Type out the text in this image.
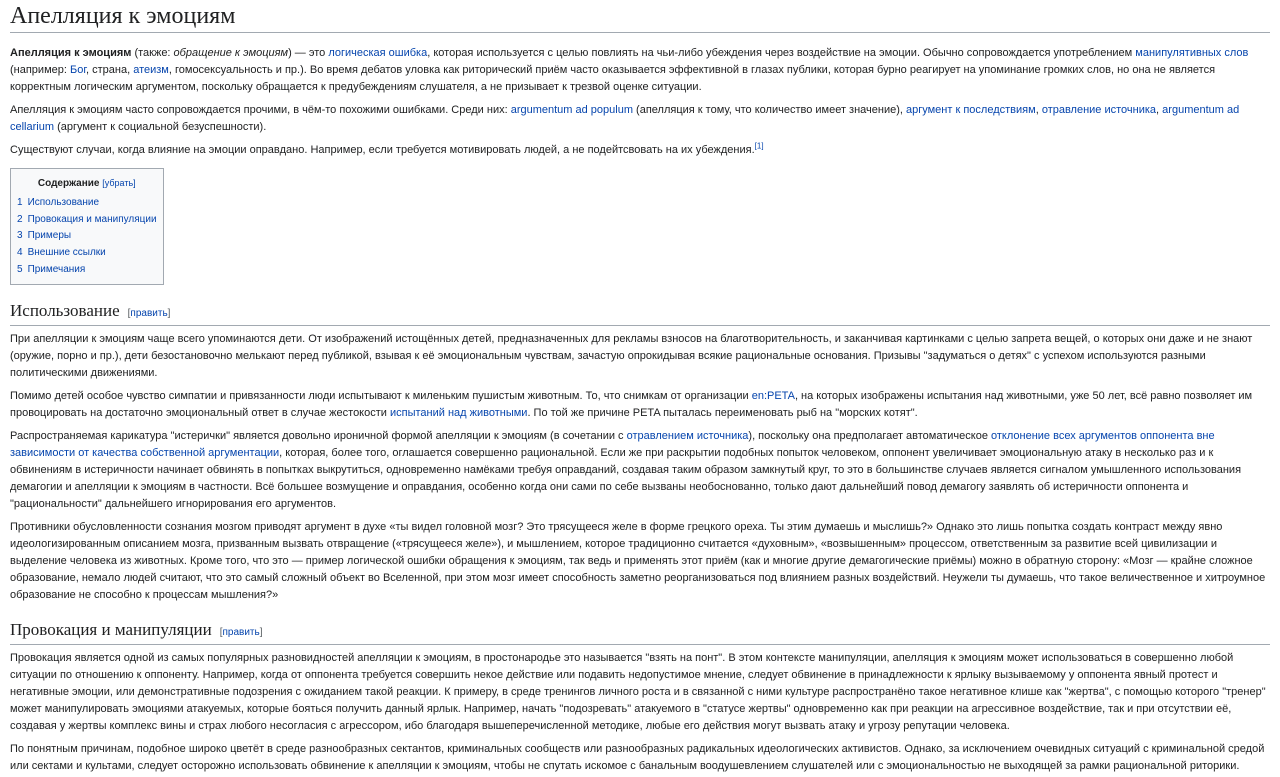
Апелляция к эмоциям

Апелляция к эмоциям (также: обращение к эмоциям) — это логическая ошибка, которая используется с целью повлиять на чьи-либо убеждения через воздействие на эмоции. Обычно сопровождается употреблением манипулятивных слов (например: Бог, страна, атеизм, гомосексуальность и пр.). Во время дебатов уловка как риторический приём часто оказывается эффективной в глазах публики, которая бурно реагирует на упоминание громких слов, но она не является корректным логическим аргументом, поскольку обращается к предубеждениям слушателя, а не призывает к трезвой оценке ситуации.

Апелляция к эмоциям часто сопровождается прочими, в чём-то похожими ошибками. Среди них: argumentum ad populum (апелляция к тому, что количество имеет значение), аргумент к последствиям, отравление источника, argumentum ad cellarium (аргумент к социальной безуспешности).

Существуют случаи, когда влияние на эмоции оправдано. Например, если требуется мотивировать людей, а не подейтсвовать на их убеждения.[1]

Содержание [убрать]
1 Использование
2 Провокация и манипуляции
3 Примеры
4 Внешние ссылки
5 Примечания
Использование [править]

При апелляции к эмоциям чаще всего упоминаются дети. От изображений истощённых детей, предназначенных для рекламы взносов на благотворительность, и заканчивая картинками с целью запрета вещей, о которых они даже и не знают (оружие, порно и пр.), дети безостановочно мелькают перед публикой, взывая к её эмоциональным чувствам, зачастую опрокидывая всякие рациональные основания. Призывы "задуматься о детях" с успехом используются разными политическими движениями.

Помимо детей особое чувство симпатии и привязанности люди испытывают к миленьким пушистым животным. То, что снимкам от организации en:PETA, на которых изображены испытания над животными, уже 50 лет, всё равно позволяет им провоцировать на достаточно эмоциональный ответ в случае жестокости испытаний над животными. По той же причине PETA пыталась переименовать рыб на "морских котят".

Распространяемая карикатура "истерички" является довольно ироничной формой апелляции к эмоциям (в сочетании с отравлением источника), поскольку она предполагает автоматическое отклонение всех аргументов оппонента вне зависимости от качества собственной аргументации, которая, более того, оглашается совершенно рациональной. Если же при раскрытии подобных попыток человеком, оппонент увеличивает эмоциональную атаку в несколько раз и к обвинениям в истеричности начинает обвинять в попытках выкрутиться, одновременно намёками требуя оправданий, создавая таким образом замкнутый круг, то это в большинстве случаев является сигналом умышленного использования демагогии и апелляции к эмоциям в частности. Всё большее возмущение и оправдания, особенно когда они сами по себе вызваны необоснованно, только дают дальнейший повод демагогу заявлять об истеричности оппонента и "рациональности" дальнейшего игнорирования его аргументов.

Противники обусловленности сознания мозгом приводят аргумент в духе «ты видел головной мозг? Это трясущееся желе в форме грецкого ореха. Ты этим думаешь и мыслишь?» Однако это лишь попытка создать контраст между явно идеологизированным описанием мозга, призванным вызвать отвращение («трясущееся желе»), и мышлением, которое традиционно считается «духовным», «возвышенным» процессом, ответственным за развитие всей цивилизации и выделение человека из животных. Кроме того, что это — пример логической ошибки обращения к эмоциям, так ведь и применять этот приём (как и многие другие демагогические приёмы) можно в обратную сторону: «Мозг — крайне сложное образование, немало людей считают, что это самый сложный объект во Вселенной, при этом мозг имеет способность заметно реорганизоваться под влиянием разных воздействий. Неужели ты думаешь, что такое величественное и хитроумное образование не способно к процессам мышления?»

Провокация и манипуляции [править]

Провокация является одной из самых популярных разновидностей апелляции к эмоциям, в простонародье это называется "взять на понт". В этом контексте манипуляции, апелляция к эмоциям может использоваться в совершенно любой ситуации по отношению к оппоненту. Например, когда от оппонента требуется совершить некое действие или подавить недопустимое мнение, следует обвинение в принадлежности к ярлыку вызываемому у оппонента явный протест и негативные эмоции, или демонстративные подозрения с ожиданием такой реакции. К примеру, в среде тренингов личного роста и в связанной с ними культуре распространёно такое негативное клише как "жертва", с помощью которого "тренер" может манипулировать эмоциями атакуемых, которые бояться получить данный ярлык. Например, начать "подозревать" атакуемого в "статусе жертвы" одновременно как при реакции на агрессивное воздействие, так и при отсутствии её, создавая у жертвы комплекс вины и страх любого несогласия с агрессором, ибо благодаря вышеперечисленной методике, любые его действия могут вызвать атаку и угрозу репутации человека.

По понятным причинам, подобное широко цветёт в среде разнообразных сектантов, криминальных сообществ или разнообразных радикальных идеологических активистов. Однако, за исключением очевидных ситуаций с криминальной средой или сектами и культами, следует осторожно использовать обвинение к апелляции к эмоциям, чтобы не спутать искомое с банальным воодушевлением слушателей или с эмоциональностью не выходящей за рамки рациональной риторики.
